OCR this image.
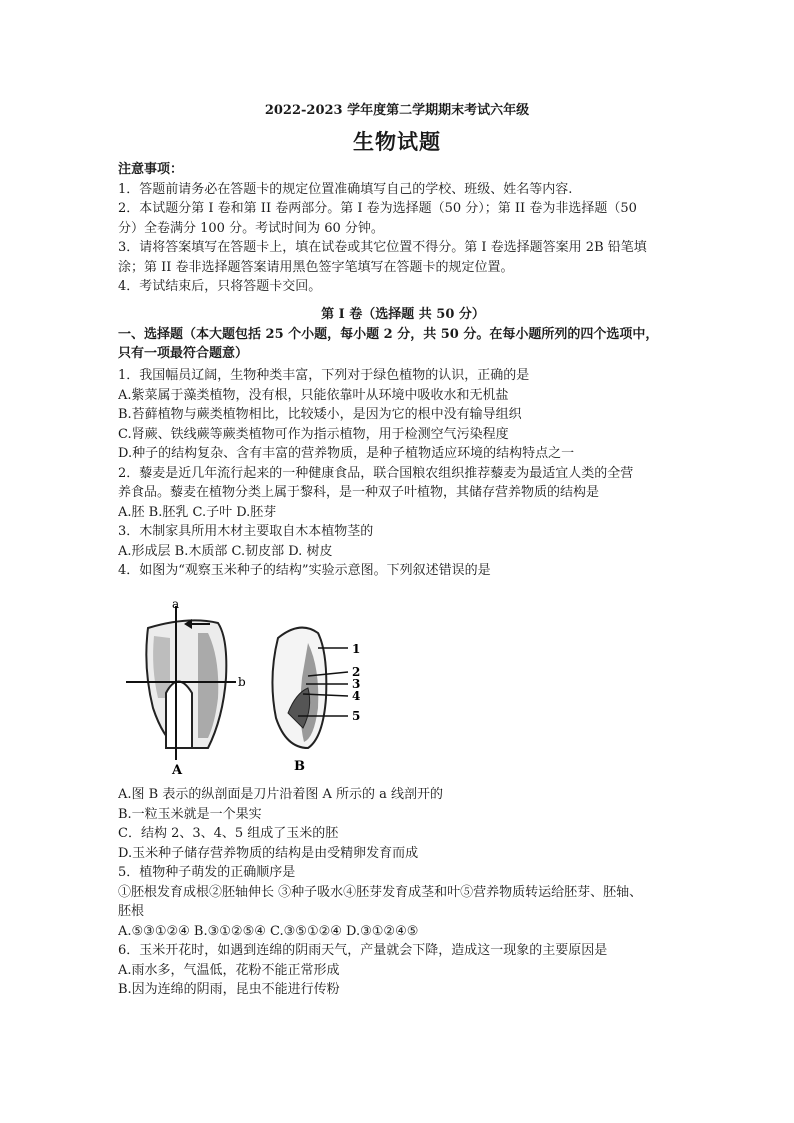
2022-2023 学年度第二学期期末考试六年级
生物试题
注意事项：
1．答题前请务必在答题卡的规定位置准确填写自己的学校、班级、姓名等内容.
2．本试题分第 I 卷和第 II 卷两部分。第 I 卷为选择题（50 分）；第 II 卷为非选择题（50
分）全卷满分 100 分。考试时间为 60 分钟。
3．请将答案填写在答题卡上，填在试卷或其它位置不得分。第 I 卷选择题答案用 2B 铅笔填
涂；第 II 卷非选择题答案请用黑色签字笔填写在答题卡的规定位置。
4．考试结束后，只将答题卡交回。
第 I 卷（选择题 共 50 分）
一、选择题（本大题包括 25 个小题，每小题 2 分，共 50 分。在每小题所列的四个选项中，
只有一项最符合题意）
1．我国幅员辽阔，生物种类丰富，下列对于绿色植物的认识，正确的是
A.紫菜属于藻类植物，没有根，只能依靠叶从环境中吸收水和无机盐
B.苔藓植物与蕨类植物相比，比较矮小，是因为它的根中没有输导组织
C.肾蕨、铁线蕨等蕨类植物可作为指示植物，用于检测空气污染程度
D.种子的结构复杂、含有丰富的营养物质，是种子植物适应环境的结构特点之一
2．藜麦是近几年流行起来的一种健康食品，联合国粮农组织推荐藜麦为最适宜人类的全营
养食品。藜麦在植物分类上属于黎科，是一种双子叶植物，其储存营养物质的结构是
A.胚 B.胚乳 C.子叶 D.胚芽
3．木制家具所用木材主要取自木本植物茎的
A.形成层 B.木质部 C.韧皮部 D. 树皮
4．如图为“观察玉米种子的结构”实验示意图。下列叙述错误的是
a
b
A
1
2
3
4
5
B
A.图 B 表示的纵剖面是刀片沿着图 A 所示的 a 线剖开的
B.一粒玉米就是一个果实
C．结构 2、3、4、5 组成了玉米的胚
D.玉米种子储存营养物质的结构是由受精卵发育而成
5．植物种子萌发的正确顺序是
①胚根发育成根②胚轴伸长 ③种子吸水④胚芽发育成茎和叶⑤营养物质转运给胚芽、胚轴、
胚根
A.⑤③①②④ B.③①②⑤④ C.③⑤①②④ D.③①②④⑤
6．玉米开花时，如遇到连绵的阴雨天气，产量就会下降，造成这一现象的主要原因是
A.雨水多，气温低，花粉不能正常形成
B.因为连绵的阴雨，昆虫不能进行传粉
